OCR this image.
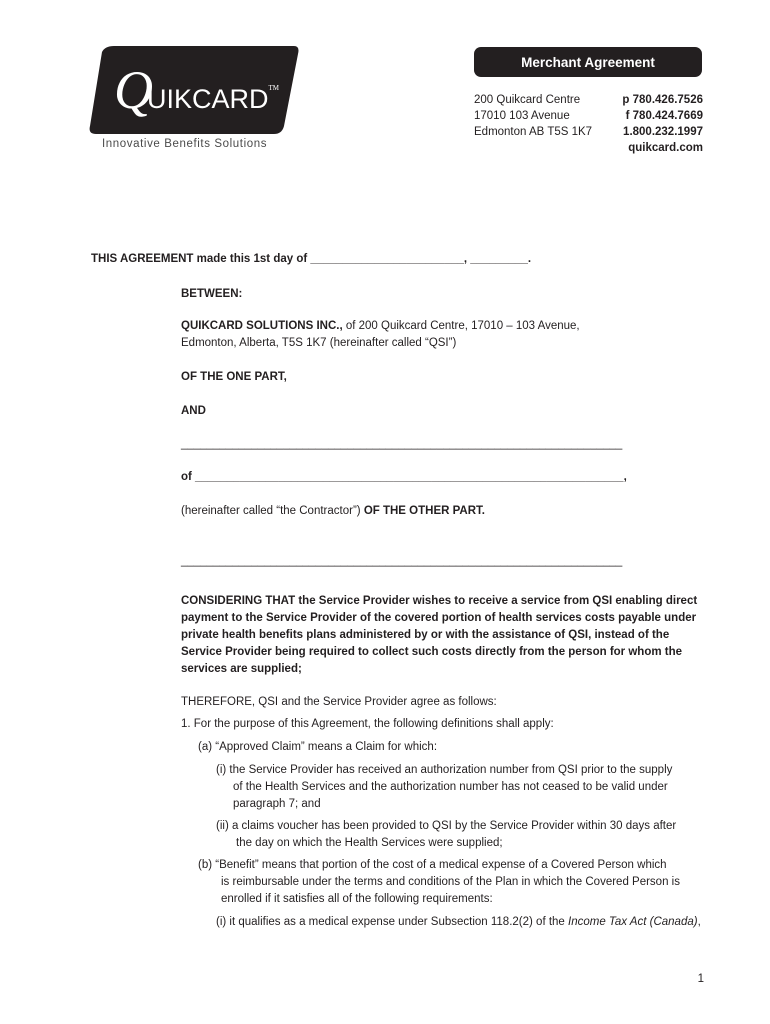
QUIKCARD™
Innovative Benefits Solutions
Merchant Agreement
200 Quikcard Centre
17010 103 Avenue
Edmonton AB T5S 1K7
p 780.426.7526
f 780.424.7669
1.800.232.1997
quikcard.com
THIS AGREEMENT made this 1st day of ________________________, _________.
BETWEEN:
QUIKCARD SOLUTIONS INC., of 200 Quikcard Centre, 17010 – 103 Avenue,
Edmonton, Alberta, T5S 1K7 (hereinafter called “QSI”)
OF THE ONE PART,
AND
_____________________________________________________________________
of ___________________________________________________________________,
(hereinafter called “the Contractor”) OF THE OTHER PART.
_____________________________________________________________________
CONSIDERING THAT the Service Provider wishes to receive a service from QSI enabling direct
payment to the Service Provider of the covered portion of health services costs payable under
private health benefits plans administered by or with the assistance of QSI, instead of the
Service Provider being required to collect such costs directly from the person for whom the
services are supplied;
THEREFORE, QSI and the Service Provider agree as follows:
1. For the purpose of this Agreement, the following definitions shall apply:
(a) “Approved Claim” means a Claim for which:
(i) the Service Provider has received an authorization number from QSI prior to the supply
of the Health Services and the authorization number has not ceased to be valid under
paragraph 7; and
(ii) a claims voucher has been provided to QSI by the Service Provider within 30 days after
the day on which the Health Services were supplied;
(b) “Benefit” means that portion of the cost of a medical expense of a Covered Person which
is reimbursable under the terms and conditions of the Plan in which the Covered Person is
enrolled if it satisfies all of the following requirements:
(i) it qualifies as a medical expense under Subsection 118.2(2) of the Income Tax Act (Canada),
1
